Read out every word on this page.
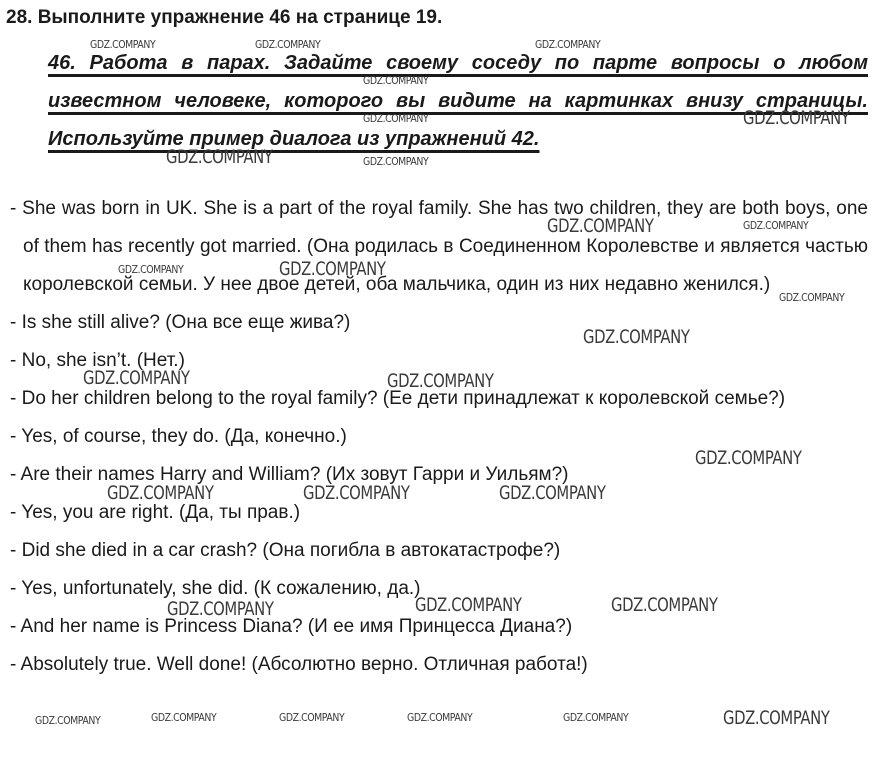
28. Выполните упражнение 46 на странице 19.
46. Работа в парах. Задайте своему соседу по парте вопросы о любом известном человеке, которого вы видите на картинках внизу страницы. Используйте пример диалога из упражнений 42.
- She was born in UK. She is a part of the royal family. She has two children, they are both boys, one of them has recently got married. (Она родилась в Соединенном Королевстве и является частью королевской семьи. У нее двое детей, оба мальчика, один из них недавно женился.)
- Is she still alive? (Она все еще жива?)
- No, she isn’t. (Нет.)
- Do her children belong to the royal family? (Ее дети принадлежат к королевской семье?)
- Yes, of course, they do. (Да, конечно.)
- Are their names Harry and William? (Их зовут Гарри и Уильям?)
- Yes, you are right. (Да, ты прав.)
- Did she died in a car crash? (Она погибла в автокатастрофе?)
- Yes, unfortunately, she did. (К сожалению, да.)
- And her name is Princess Diana? (И ее имя Принцесса Диана?)
- Absolutely true. Well done! (Абсолютно верно. Отличная работа!)
GDZ.COMPANY	GDZ.COMPANY
GDZ.COMPANY
GDZ.COMPANY
GDZ.COMPANY	GDZ.COMPANY
GDZ.COMPANY	GDZ.COMPANY
GDZ.COMPANY	GDZ.COMPANY
GDZ.COMPANY	GDZ.COMPANY
GDZ.COMPANY
GDZ.COMPANY
GDZ.COMPANY	GDZ.COMPANY
GDZ.COMPANY
GDZ.COMPANY	GDZ.COMPANY	GDZ.COMPANY
GDZ.COMPANY	GDZ.COMPANY	GDZ.COMPANY
GDZ.COMPANY	GDZ.COMPANY	GDZ.COMPANY	GDZ.COMPANY	GDZ.COMPANY	GDZ.COMPANY
